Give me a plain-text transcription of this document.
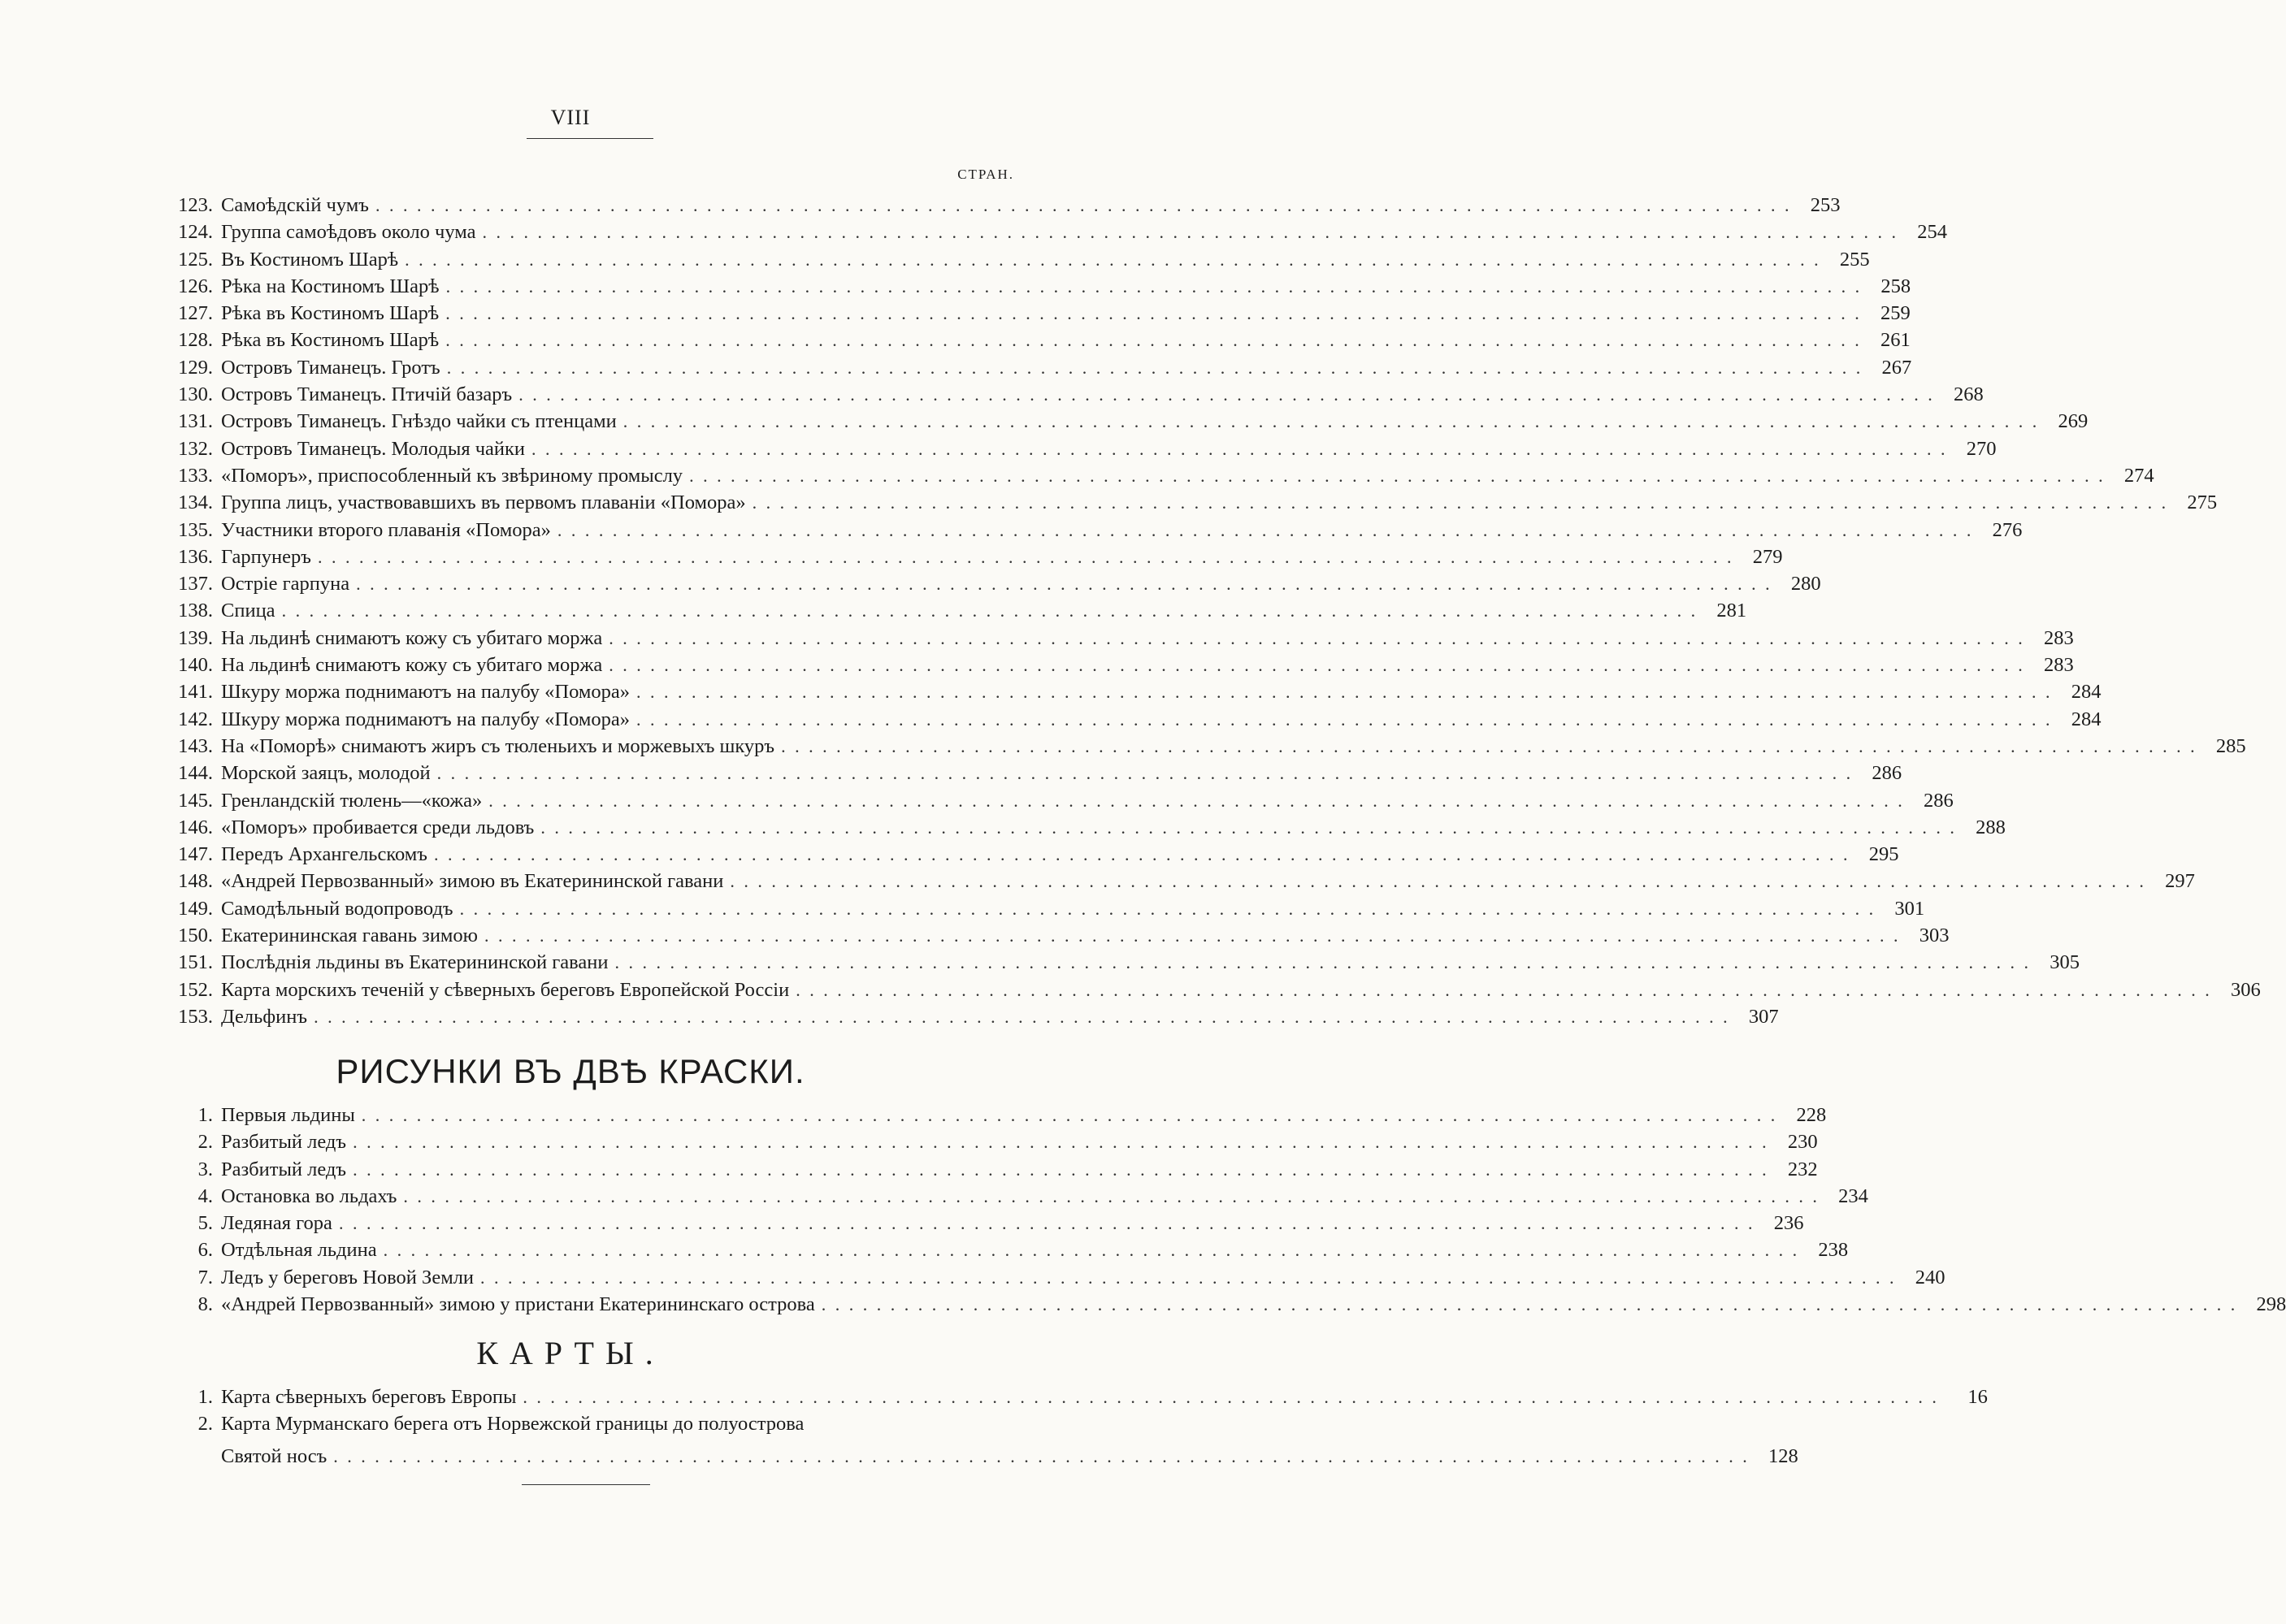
VIII
СТРАН.
123. Самоѣдскій чумъ . . .	253
124. Группа самоѣдовъ около чума . . .	254
125. Въ Костиномъ Шарѣ . . .	255
126. Рѣка на Костиномъ Шарѣ . . .	258
127. Рѣка въ Костиномъ Шарѣ . . .	259
128. Рѣка въ Костиномъ Шарѣ . . .	261
129. Островъ Тиманецъ. Гротъ . . .	267
130. Островъ Тиманецъ. Птичій базаръ . . .	268
131. Островъ Тиманецъ. Гнѣздо чайки съ птенцами . . .	269
132. Островъ Тиманецъ. Молодыя чайки . . .	270
133. «Поморъ», приспособленный къ звѣриному промыслу . . .	274
134. Группа лицъ, участвовавшихъ въ первомъ плаваніи «Помора» . . .	275
135. Участники второго плаванія «Помора» . . .	276
136. Гарпунеръ . . .	279
137. Остріе гарпуна . . .	280
138. Спица . . .	281
139. На льдинѣ снимаютъ кожу съ убитаго моржа . . .	283
140. На льдинѣ снимаютъ кожу съ убитаго моржа . . .	283
141. Шкуру моржа поднимаютъ на палубу «Помора» . . .	284
142. Шкуру моржа поднимаютъ на палубу «Помора» . . .	284
143. На «Поморѣ» снимаютъ жиръ съ тюленьихъ и моржевыхъ шкуръ . . .	285
144. Морской заяцъ, молодой . . .	286
145. Гренландскій тюлень—«кожа» . . .	286
146. «Поморъ» пробивается среди льдовъ . . .	288
147. Передъ Архангельскомъ . . .	295
148. «Андрей Первозванный» зимою въ Екатерининской гавани . . .	297
149. Самодѣльный водопроводъ . . .	301
150. Екатерининская гавань зимою . . .	303
151. Послѣднія льдины въ Екатерининской гавани . . .	305
152. Карта морскихъ теченій у сѣверныхъ береговъ Европейской Россіи . . .	306
153. Дельфинъ . . .	307
РИСУНКИ ВЪ ДВѢ КРАСКИ.
1. Первыя льдины . . .	228
2. Разбитый ледъ . . .	230
3. Разбитый ледъ . . .	232
4. Остановка во льдахъ . . .	234
5. Ледяная гора . . .	236
6. Отдѣльная льдина . . .	238
7. Ледъ у береговъ Новой Земли . . .	240
8. «Андрей Первозванный» зимою у пристани Екатерининскаго острова . . .	298
КАРТЫ.
1. Карта сѣверныхъ береговъ Европы . . .	16
2. Карта Мурманскаго берега отъ Норвежской границы до полуострова
Святой носъ . . .	128
